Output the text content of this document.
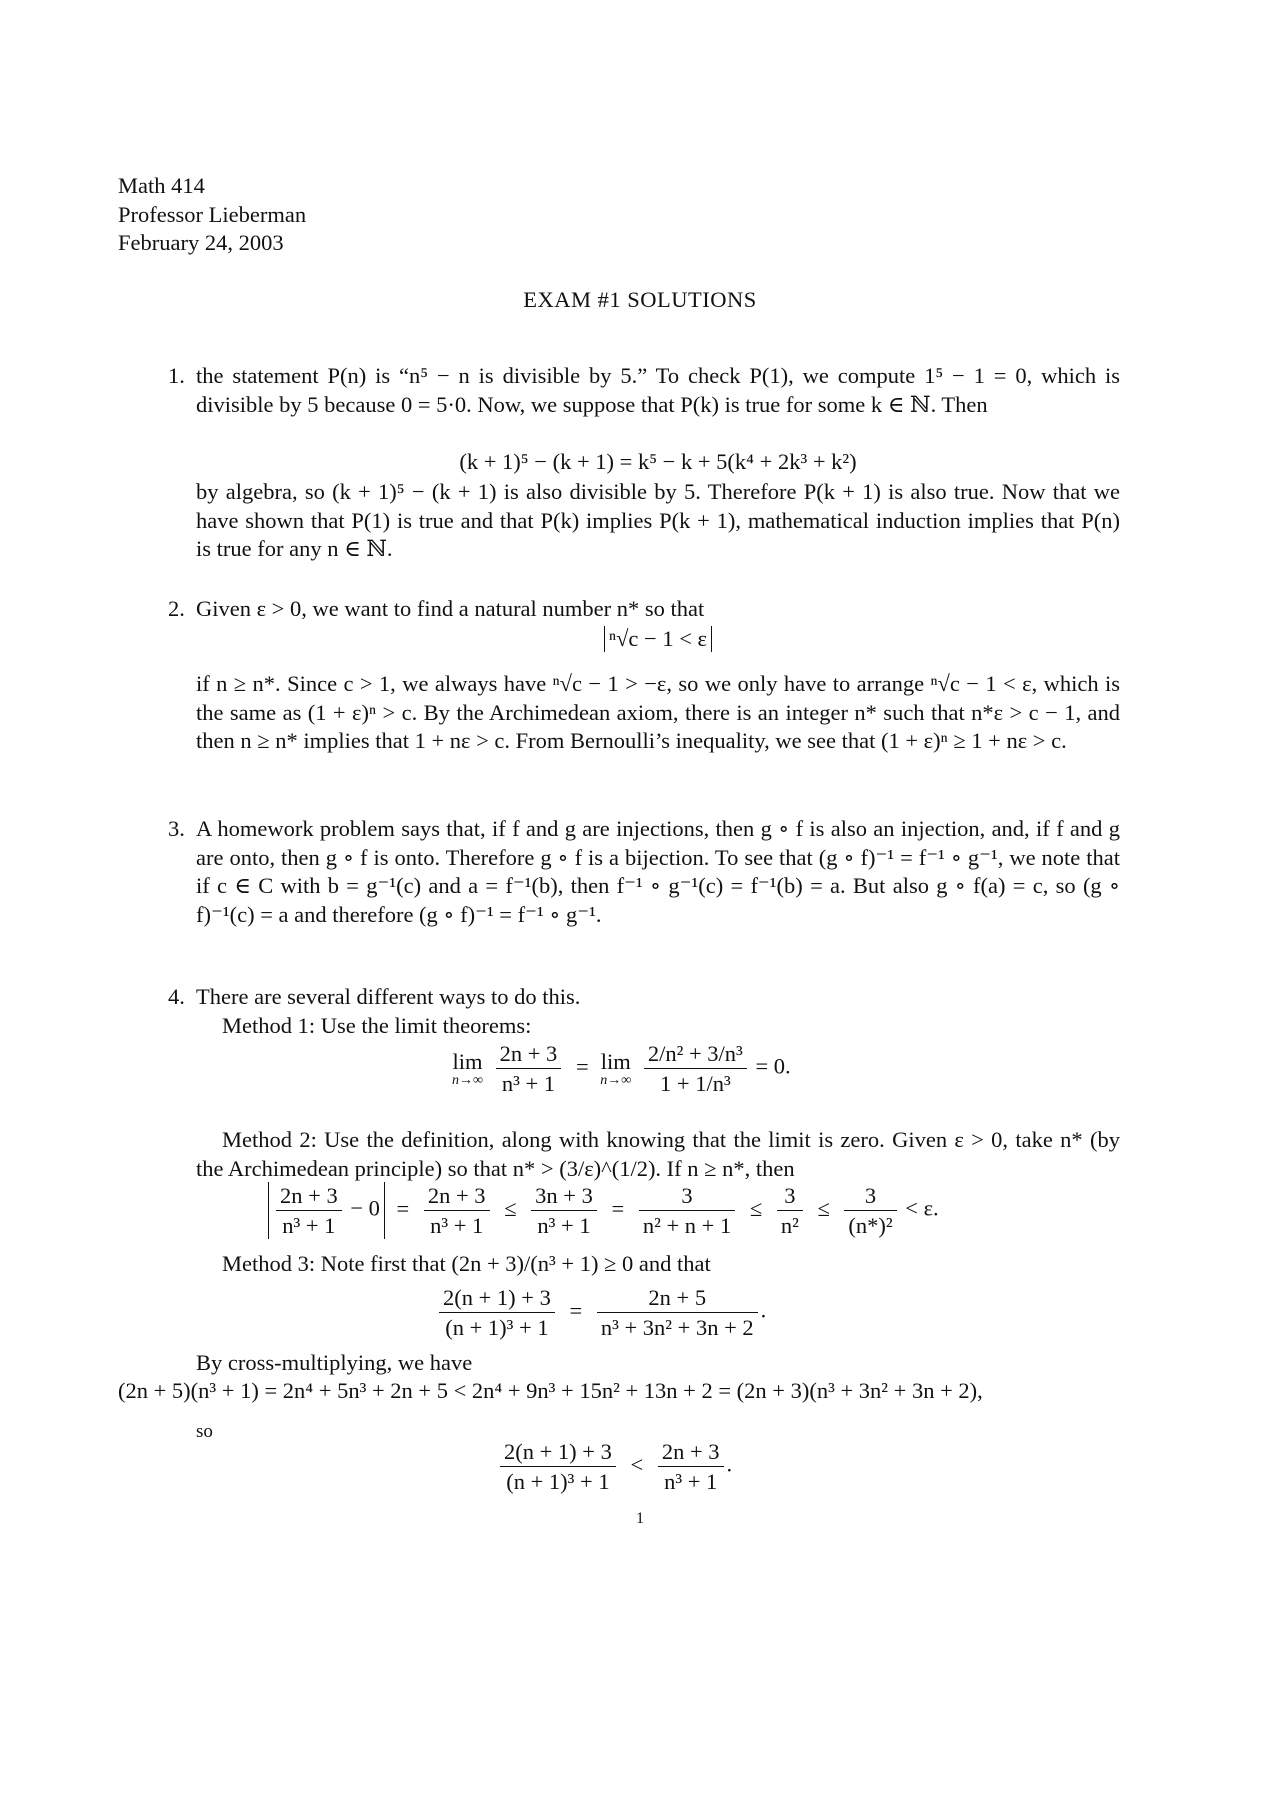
Math 414
Professor Lieberman
February 24, 2003
EXAM #1 SOLUTIONS
1. the statement P(n) is “n⁵ − n is divisible by 5.” To check P(1), we compute 1⁵ − 1 = 0, which is divisible by 5 because 0 = 5·0. Now, we suppose that P(k) is true for some k ∈ ℕ. Then
(k + 1)⁵ − (k + 1) = k⁵ − k + 5(k⁴ + 2k³ + k²)
by algebra, so (k + 1)⁵ − (k + 1) is also divisible by 5. Therefore P(k + 1) is also true. Now that we have shown that P(1) is true and that P(k) implies P(k + 1), mathematical induction implies that P(n) is true for any n ∈ ℕ.
2. Given ε > 0, we want to find a natural number n* so that
ⁿ√c − 1 < ε
if n ≥ n*. Since c > 1, we always have ⁿ√c − 1 > −ε, so we only have to arrange ⁿ√c − 1 < ε, which is the same as (1 + ε)ⁿ > c. By the Archimedean axiom, there is an integer n* such that n*ε > c − 1, and then n ≥ n* implies that 1 + nε > c. From Bernoulli’s inequality, we see that (1 + ε)ⁿ ≥ 1 + nε > c.
3. A homework problem says that, if f and g are injections, then g ∘ f is also an injection, and, if f and g are onto, then g ∘ f is onto. Therefore g ∘ f is a bijection. To see that (g ∘ f)⁻¹ = f⁻¹ ∘ g⁻¹, we note that if c ∈ C with b = g⁻¹(c) and a = f⁻¹(b), then f⁻¹ ∘ g⁻¹(c) = f⁻¹(b) = a. But also g ∘ f(a) = c, so (g ∘ f)⁻¹(c) = a and therefore (g ∘ f)⁻¹ = f⁻¹ ∘ g⁻¹.
4. There are several different ways to do this.
Method 1: Use the limit theorems:
lim
n→∞
$\frac{2n + 3}{\text{n³ + 1}} = \lim$
n→∞
$\frac{\text{2/n² + 3/n³}}{\text{1 + 1/n³}} = 0$.
Method 2: Use the definition, along with knowing that the limit is zero. Given ε > 0, take n* (by the Archimedean principle) so that n* > (3/ε)^(1/2). If n ≥ n*, then
$\frac{2n + 3}{\text{n³ + 1}} - 0 = \frac{2n + 3}{\text{n³ + 1}} \le \frac{3n + 3}{\text{n³ + 1}} = \frac{3}{\text{n² + n + 1}} \le \frac{3}{\text{n²}} \le \frac{3}{\text{(n*)²}} < \varepsilon$.
Method 3: Note first that (2n + 3)/(n³ + 1) ≥ 0 and that
$\frac{2(n + 1) + 3}{\text{(n + 1)³ + 1}} = \frac{2n + 5}{\text{n³ + 3n² + 3n + 2}}$ .
By cross-multiplying, we have
(2n + 5)(n³ + 1) = 2n⁴ + 5n³ + 2n + 5 < 2n⁴ + 9n³ + 15n² + 13n + 2 = (2n + 3)(n³ + 3n² + 3n + 2),
so
$\frac{2(n + 1) + 3}{\text{(n + 1)³ + 1}} < \frac{2n + 3}{\text{n³ + 1}}$ .
1
